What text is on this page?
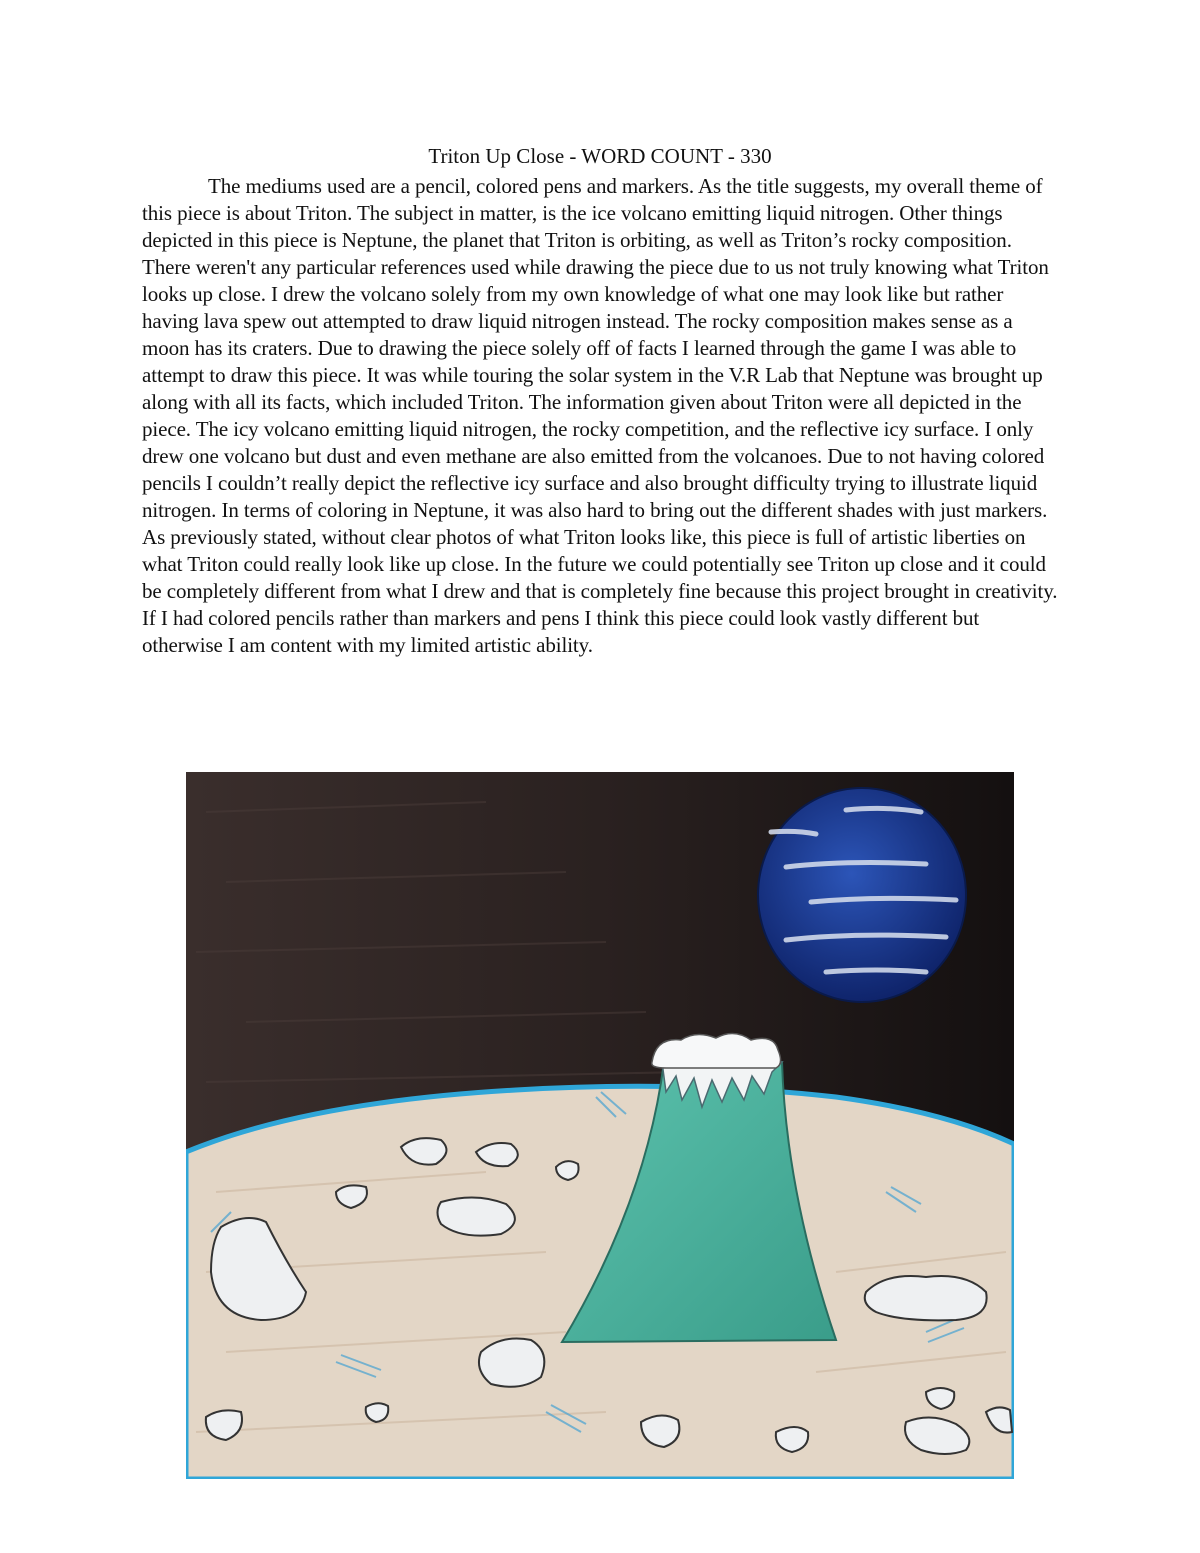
Triton Up Close - WORD COUNT - 330

The mediums used are a pencil, colored pens and markers. As the title suggests, my overall theme of this piece is about Triton. The subject in matter, is the ice volcano emitting liquid nitrogen. Other things depicted in this piece is Neptune, the planet that Triton is orbiting, as well as Triton’s rocky composition. There weren't any particular references used while drawing the piece due to us not truly knowing what Triton looks up close. I drew the volcano solely from my own knowledge of what one may look like but rather having lava spew out attempted to draw liquid nitrogen instead. The rocky composition makes sense as a moon has its craters. Due to drawing the piece solely off of facts I learned through the game I was able to attempt to draw this piece. It was while touring the solar system in the V.R Lab that Neptune was brought up along with all its facts, which included Triton. The information given about Triton were all depicted in the piece. The icy volcano emitting liquid nitrogen, the rocky competition, and the reflective icy surface. I only drew one volcano but dust and even methane are also emitted from the volcanoes. Due to not having colored pencils I couldn’t really depict the reflective icy surface and also brought difficulty trying to illustrate liquid nitrogen. In terms of coloring in Neptune, it was also hard to bring out the different shades with just markers. As previously stated, without clear photos of what Triton looks like, this piece is full of artistic liberties on what Triton could really look like up close. In the future we could potentially see Triton up close and it could be completely different from what I drew and that is completely fine because this project brought in creativity. If I had colored pencils rather than markers and pens I think this piece could look vastly different but otherwise I am content with my limited artistic ability.
